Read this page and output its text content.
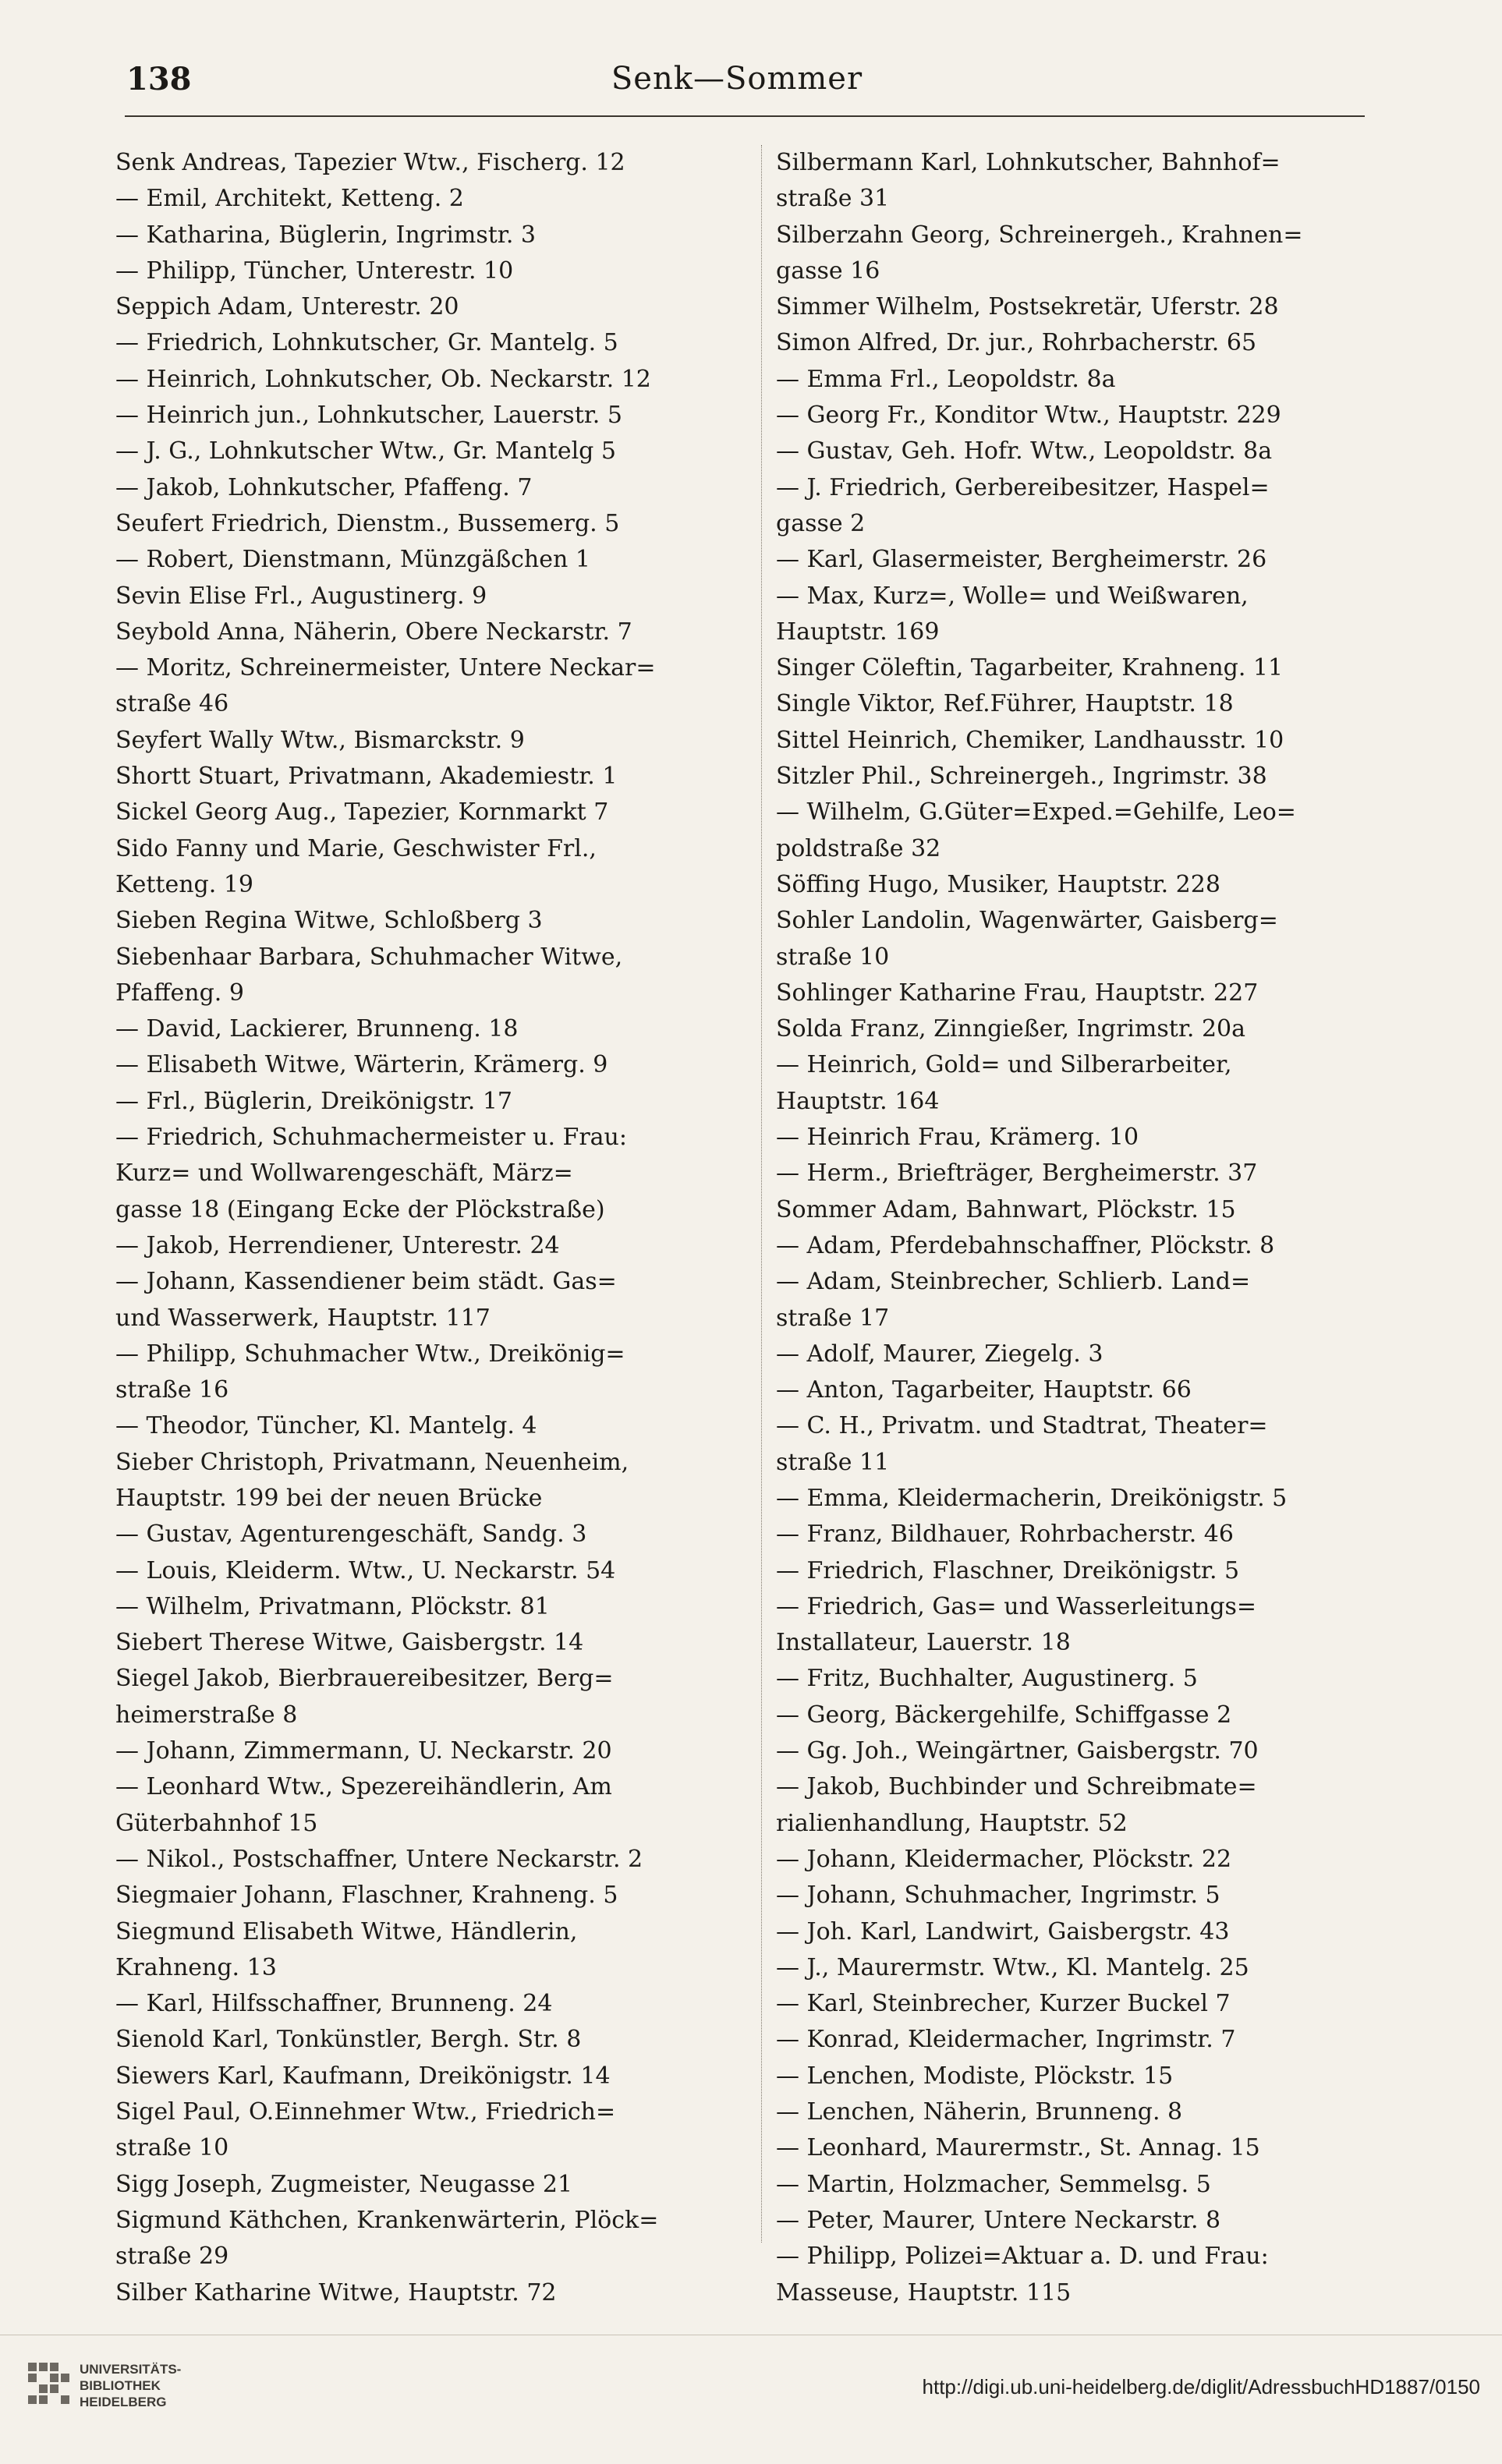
138	Senk—Sommer
Senk Andreas, Tapezier Wtw., Fischerg. 12
— Emil, Architekt, Ketteng. 2
— Katharina, Büglerin, Ingrimstr. 3
— Philipp, Tüncher, Unterestr. 10
Seppich Adam, Unterestr. 20
— Friedrich, Lohnkutscher, Gr. Mantelg. 5
— Heinrich, Lohnkutscher, Ob. Neckarstr. 12
— Heinrich jun., Lohnkutscher, Lauerstr. 5
— J. G., Lohnkutscher Wtw., Gr. Mantelg 5
— Jakob, Lohnkutscher, Pfaffeng. 7
Seufert Friedrich, Dienstm., Bussemerg. 5
— Robert, Dienstmann, Münzgäßchen 1
Sevin Elise Frl., Augustinerg. 9
Seybold Anna, Näherin, Obere Neckarstr. 7
— Moritz, Schreinermeister, Untere Neckar=
straße 46
Seyfert Wally Wtw., Bismarckstr. 9
Shortt Stuart, Privatmann, Akademiestr. 1
Sickel Georg Aug., Tapezier, Kornmarkt 7
Sido Fanny und Marie, Geschwister Frl.,
Ketteng. 19
Sieben Regina Witwe, Schloßberg 3
Siebenhaar Barbara, Schuhmacher Witwe,
Pfaffeng. 9
— David, Lackierer, Brunneng. 18
— Elisabeth Witwe, Wärterin, Krämerg. 9
— Frl., Büglerin, Dreikönigstr. 17
— Friedrich, Schuhmachermeister u. Frau:
Kurz= und Wollwarengeschäft, März=
gasse 18 (Eingang Ecke der Plöckstraße)
— Jakob, Herrendiener, Unterestr. 24
— Johann, Kassendiener beim städt. Gas=
und Wasserwerk, Hauptstr. 117
— Philipp, Schuhmacher Wtw., Dreikönig=
straße 16
— Theodor, Tüncher, Kl. Mantelg. 4
Sieber Christoph, Privatmann, Neuenheim,
Hauptstr. 199 bei der neuen Brücke
— Gustav, Agenturengeschäft, Sandg. 3
— Louis, Kleiderm. Wtw., U. Neckarstr. 54
— Wilhelm, Privatmann, Plöckstr. 81
Siebert Therese Witwe, Gaisbergstr. 14
Siegel Jakob, Bierbrauereibesitzer, Berg=
heimerstraße 8
— Johann, Zimmermann, U. Neckarstr. 20
— Leonhard Wtw., Spezereihändlerin, Am
Güterbahnhof 15
— Nikol., Postschaffner, Untere Neckarstr. 2
Siegmaier Johann, Flaschner, Krahneng. 5
Siegmund Elisabeth Witwe, Händlerin,
Krahneng. 13
— Karl, Hilfsschaffner, Brunneng. 24
Sienold Karl, Tonkünstler, Bergh. Str. 8
Siewers Karl, Kaufmann, Dreikönigstr. 14
Sigel Paul, O.Einnehmer Wtw., Friedrich=
straße 10
Sigg Joseph, Zugmeister, Neugasse 21
Sigmund Käthchen, Krankenwärterin, Plöck=
straße 29
Silber Katharine Witwe, Hauptstr. 72
Silbermann Karl, Lohnkutscher, Bahnhof=
straße 31
Silberzahn Georg, Schreinergeh., Krahnen=
gasse 16
Simmer Wilhelm, Postsekretär, Uferstr. 28
Simon Alfred, Dr. jur., Rohrbacherstr. 65
— Emma Frl., Leopoldstr. 8a
— Georg Fr., Konditor Wtw., Hauptstr. 229
— Gustav, Geh. Hofr. Wtw., Leopoldstr. 8a
— J. Friedrich, Gerbereibesitzer, Haspel=
gasse 2
— Karl, Glasermeister, Bergheimerstr. 26
— Max, Kurz=, Wolle= und Weißwaren,
Hauptstr. 169
Singer Cöleftin, Tagarbeiter, Krahneng. 11
Single Viktor, Ref.Führer, Hauptstr. 18
Sittel Heinrich, Chemiker, Landhausstr. 10
Sitzler Phil., Schreinergeh., Ingrimstr. 38
— Wilhelm, G.Güter=Exped.=Gehilfe, Leo=
poldstraße 32
Söffing Hugo, Musiker, Hauptstr. 228
Sohler Landolin, Wagenwärter, Gaisberg=
straße 10
Sohlinger Katharine Frau, Hauptstr. 227
Solda Franz, Zinngießer, Ingrimstr. 20a
— Heinrich, Gold= und Silberarbeiter,
Hauptstr. 164
— Heinrich Frau, Krämerg. 10
— Herm., Briefträger, Bergheimerstr. 37
Sommer Adam, Bahnwart, Plöckstr. 15
— Adam, Pferdebahnschaffner, Plöckstr. 8
— Adam, Steinbrecher, Schlierb. Land=
straße 17
— Adolf, Maurer, Ziegelg. 3
— Anton, Tagarbeiter, Hauptstr. 66
— C. H., Privatm. und Stadtrat, Theater=
straße 11
— Emma, Kleidermacherin, Dreikönigstr. 5
— Franz, Bildhauer, Rohrbacherstr. 46
— Friedrich, Flaschner, Dreikönigstr. 5
— Friedrich, Gas= und Wasserleitungs=
Installateur, Lauerstr. 18
— Fritz, Buchhalter, Augustinerg. 5
— Georg, Bäckergehilfe, Schiffgasse 2
— Gg. Joh., Weingärtner, Gaisbergstr. 70
— Jakob, Buchbinder und Schreibmate=
rialienhandlung, Hauptstr. 52
— Johann, Kleidermacher, Plöckstr. 22
— Johann, Schuhmacher, Ingrimstr. 5
— Joh. Karl, Landwirt, Gaisbergstr. 43
— J., Maurermstr. Wtw., Kl. Mantelg. 25
— Karl, Steinbrecher, Kurzer Buckel 7
— Konrad, Kleidermacher, Ingrimstr. 7
— Lenchen, Modiste, Plöckstr. 15
— Lenchen, Näherin, Brunneng. 8
— Leonhard, Maurermstr., St. Annag. 15
— Martin, Holzmacher, Semmelsg. 5
— Peter, Maurer, Untere Neckarstr. 8
— Philipp, Polizei=Aktuar a. D. und Frau:
Masseuse, Hauptstr. 115
UNIVERSITÄTS-
BIBLIOTHEK
HEIDELBERG
http://digi.ub.uni-heidelberg.de/diglit/AdressbuchHD1887/0150
